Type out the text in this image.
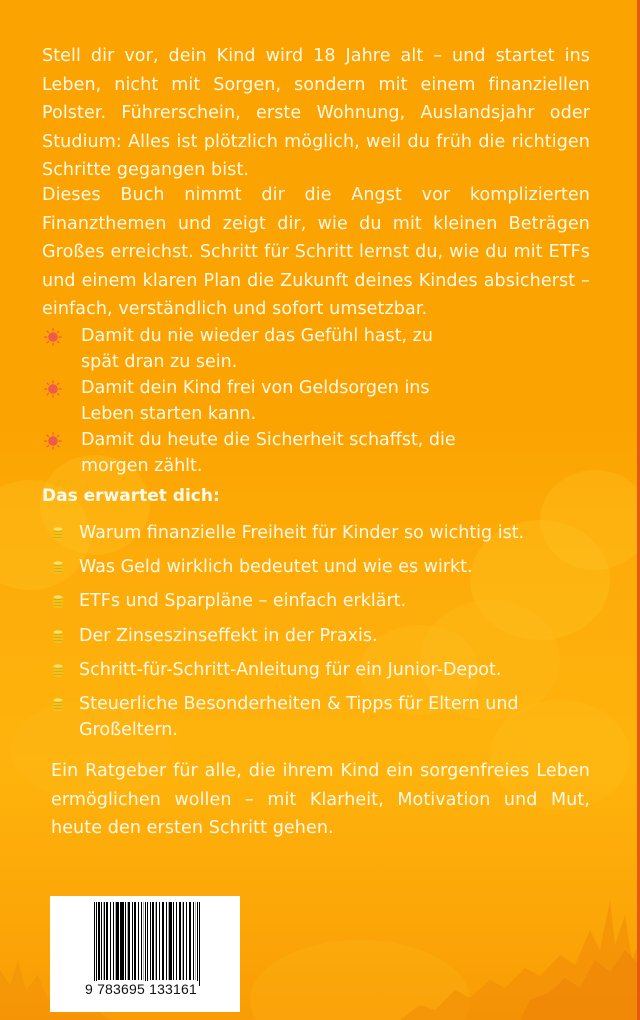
Stell dir vor, dein Kind wird 18 Jahre alt – und startet ins Leben, nicht mit Sorgen, sondern mit einem finanziellen Polster. Führerschein, erste Wohnung, Auslandsjahr oder Studium: Alles ist plötzlich möglich, weil du früh die richtigen Schritte gegangen bist.

Dieses Buch nimmt dir die Angst vor komplizierten Finanzthemen und zeigt dir, wie du mit kleinen Beträgen Großes erreichst. Schritt für Schritt lernst du, wie du mit ETFs und einem klaren Plan die Zukunft deines Kindes absicherst – einfach, verständlich und sofort umsetzbar.

Damit du nie wieder das Gefühl hast, zu spät dran zu sein.
Damit dein Kind frei von Geldsorgen ins Leben starten kann.
Damit du heute die Sicherheit schaffst, die morgen zählt.
Das erwartet dich:
Warum finanzielle Freiheit für Kinder so wichtig ist.
Was Geld wirklich bedeutet und wie es wirkt.
ETFs und Sparpläne – einfach erklärt.
Der Zinseszinseffekt in der Praxis.
Schritt-für-Schritt-Anleitung für ein Junior-Depot.
Steuerliche Besonderheiten & Tipps für Eltern und Großeltern.

Ein Ratgeber für alle, die ihrem Kind ein sorgenfreies Leben ermöglichen wollen – mit Klarheit, Motivation und Mut, heute den ersten Schritt gehen.

9 783695 133161
